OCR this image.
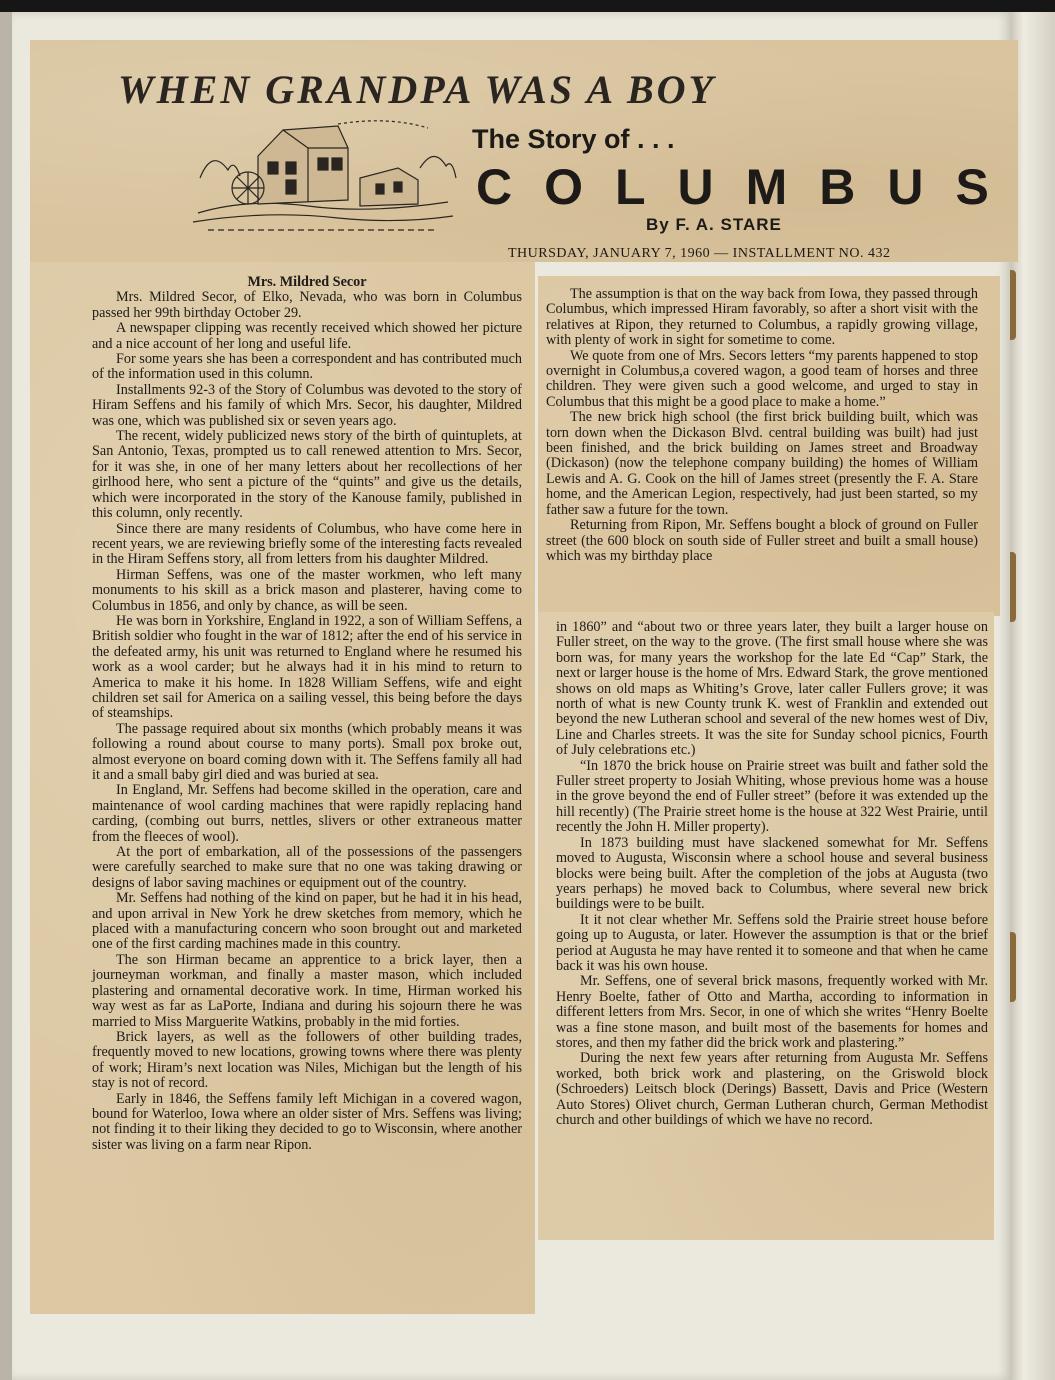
WHEN GRANDPA WAS A BOY
The Story of . . .
COLUMBUS
By F. A. STARE
THURSDAY, JANUARY 7, 1960 — INSTALLMENT NO. 432

Mrs. Mildred Secor

Mrs. Mildred Secor, of Elko, Nevada, who was born in Columbus passed her 99th birthday October 29.

A newspaper clipping was recently received which showed her picture and a nice account of her long and useful life.

For some years she has been a correspondent and has contributed much of the information used in this column.

Installments 92-3 of the Story of Columbus was devoted to the story of Hiram Seffens and his family of which Mrs. Secor, his daughter, Mildred was one, which was published six or seven years ago.

The recent, widely publicized news story of the birth of quintuplets, at San Antonio, Texas, prompted us to call renewed attention to Mrs. Secor, for it was she, in one of her many letters about her recollections of her girlhood here, who sent a picture of the “quints” and give us the details, which were incorporated in the story of the Kanouse family, published in this column, only recently.

Since there are many residents of Columbus, who have come here in recent years, we are reviewing briefly some of the interesting facts revealed in the Hiram Seffens story, all from letters from his daughter Mildred.

Hirman Seffens, was one of the master workmen, who left many monuments to his skill as a brick mason and plasterer, having come to Columbus in 1856, and only by chance, as will be seen.

He was born in Yorkshire, England in 1922, a son of William Seffens, a British soldier who fought in the war of 1812; after the end of his service in the defeated army, his unit was returned to England where he resumed his work as a wool carder; but he always had it in his mind to return to America to make it his home. In 1828 William Seffens, wife and eight children set sail for America on a sailing vessel, this being before the days of steamships.

The passage required about six months (which probably means it was following a round about course to many ports). Small pox broke out, almost everyone on board coming down with it. The Seffens family all had it and a small baby girl died and was buried at sea.

In England, Mr. Seffens had become skilled in the operation, care and maintenance of wool carding machines that were rapidly replacing hand carding, (combing out burrs, nettles, slivers or other extraneous matter from the fleeces of wool).

At the port of embarkation, all of the possessions of the passengers were carefully searched to make sure that no one was taking drawing or designs of labor saving machines or equipment out of the country.

Mr. Seffens had nothing of the kind on paper, but he had it in his head, and upon arrival in New York he drew sketches from memory, which he placed with a manufacturing concern who soon brought out and marketed one of the first carding machines made in this country.

The son Hirman became an apprentice to a brick layer, then a journeyman workman, and finally a master mason, which included plastering and ornamental decorative work. In time, Hirman worked his way west as far as LaPorte, Indiana and during his sojourn there he was married to Miss Marguerite Watkins, probably in the mid forties.

Brick layers, as well as the followers of other building trades, frequently moved to new locations, growing towns where there was plenty of work; Hiram’s next location was Niles, Michigan but the length of his stay is not of record.

Early in 1846, the Seffens family left Michigan in a covered wagon, bound for Waterloo, Iowa where an older sister of Mrs. Seffens was living; not finding it to their liking they decided to go to Wisconsin, where another sister was living on a farm near Ripon.

The assumption is that on the way back from Iowa, they passed through Columbus, which impressed Hiram favorably, so after a short visit with the relatives at Ripon, they returned to Columbus, a rapidly growing village, with plenty of work in sight for sometime to come.

We quote from one of Mrs. Secors letters “my parents happened to stop overnight in Columbus,a covered wagon, a good team of horses and three children. They were given such a good welcome, and urged to stay in Columbus that this might be a good place to make a home.”

The new brick high school (the first brick building built, which was torn down when the Dickason Blvd. central building was built) had just been finished, and the brick building on James street and Broadway (Dickason) (now the telephone company building) the homes of William Lewis and A. G. Cook on the hill of James street (presently the F. A. Stare home, and the American Legion, respectively, had just been started, so my father saw a future for the town.

Returning from Ripon, Mr. Seffens bought a block of ground on Fuller street (the 600 block on south side of Fuller street and built a small house) which was my birthday place

in 1860” and “about two or three years later, they built a larger house on Fuller street, on the way to the grove. (The first small house where she was born was, for many years the workshop for the late Ed “Cap” Stark, the next or larger house is the home of Mrs. Edward Stark, the grove mentioned shows on old maps as Whiting’s Grove, later caller Fullers grove; it was north of what is new County trunk K. west of Franklin and extended out beyond the new Lutheran school and several of the new homes west of Div, Line and Charles streets. It was the site for Sunday school picnics, Fourth of July celebrations etc.)

“In 1870 the brick house on Prairie street was built and father sold the Fuller street property to Josiah Whiting, whose previous home was a house in the grove beyond the end of Fuller street” (before it was extended up the hill recently) (The Prairie street home is the house at 322 West Prairie, until recently the John H. Miller property).

In 1873 building must have slackened somewhat for Mr. Seffens moved to Augusta, Wisconsin where a school house and several business blocks were being built. After the completion of the jobs at Augusta (two years perhaps) he moved back to Columbus, where several new brick buildings were to be built.

It it not clear whether Mr. Seffens sold the Prairie street house before going up to Augusta, or later. However the assumption is that or the brief period at Augusta he may have rented it to someone and that when he came back it was his own house.

Mr. Seffens, one of several brick masons, frequently worked with Mr. Henry Boelte, father of Otto and Martha, according to information in different letters from Mrs. Secor, in one of which she writes “Henry Boelte was a fine stone mason, and built most of the basements for homes and stores, and then my father did the brick work and plastering.”

During the next few years after returning from Augusta Mr. Seffens worked, both brick work and plastering, on the Griswold block (Schroeders) Leitsch block (Derings) Bassett, Davis and Price (Western Auto Stores) Olivet church, German Lutheran church, German Methodist church and other buildings of which we have no record.
